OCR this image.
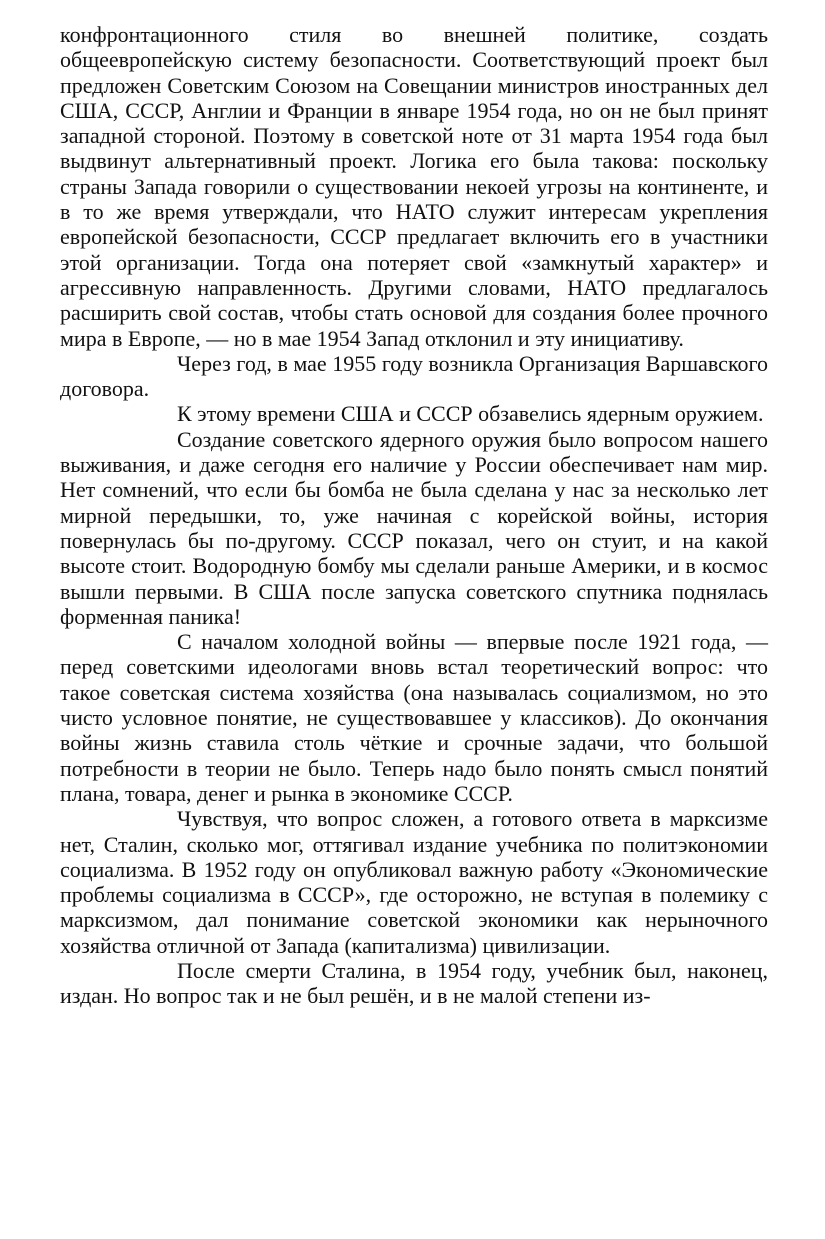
конфронтационного стиля во внешней политике, создать общеевропейскую систему безопасности. Соответствующий проект был предложен Советским Союзом на Совещании министров иностранных дел США, СССР, Англии и Франции в январе 1954 года, но он не был принят западной стороной. Поэтому в советской ноте от 31 марта 1954 года был выдвинут альтернативный проект. Логика его была такова: поскольку страны Запада говорили о существовании некоей угрозы на континенте, и в то же время утверждали, что НАТО служит интересам укрепления европейской безопасности, СССР предлагает включить его в участники этой организации. Тогда она потеряет свой «замкнутый характер» и агрессивную направленность. Другими словами, НАТО предлагалось расширить свой состав, чтобы стать основой для создания более прочного мира в Европе, — но в мае 1954 Запад отклонил и эту инициативу.

Через год, в мае 1955 году возникла Организация Варшавского договора.

К этому времени США и СССР обзавелись ядерным оружием.

Создание советского ядерного оружия было вопросом нашего выживания, и даже сегодня его наличие у России обеспечивает нам мир. Нет сомнений, что если бы бомба не была сделана у нас за несколько лет мирной передышки, то, уже начиная с корейской войны, история повернулась бы по-другому. СССР показал, чего он стуит, и на какой высоте стоит. Водородную бомбу мы сделали раньше Америки, и в космос вышли первыми. В США после запуска советского спутника поднялась форменная паника!

С началом холодной войны — впервые после 1921 года, — перед советскими идеологами вновь встал теоретический вопрос: что такое советская система хозяйства (она называлась социализмом, но это чисто условное понятие, не существовавшее у классиков). До окончания войны жизнь ставила столь чёткие и срочные задачи, что большой потребности в теории не было. Теперь надо было понять смысл понятий плана, товара, денег и рынка в экономике СССР.

Чувствуя, что вопрос сложен, а готового ответа в марксизме нет, Сталин, сколько мог, оттягивал издание учебника по политэкономии социализма. В 1952 году он опубликовал важную работу «Экономические проблемы социализма в СССР», где осторожно, не вступая в полемику с марксизмом, дал понимание советской экономики как нерыночного хозяйства отличной от Запада (капитализма) цивилизации.

После смерти Сталина, в 1954 году, учебник был, наконец, издан. Но вопрос так и не был решён, и в не малой степени из-
